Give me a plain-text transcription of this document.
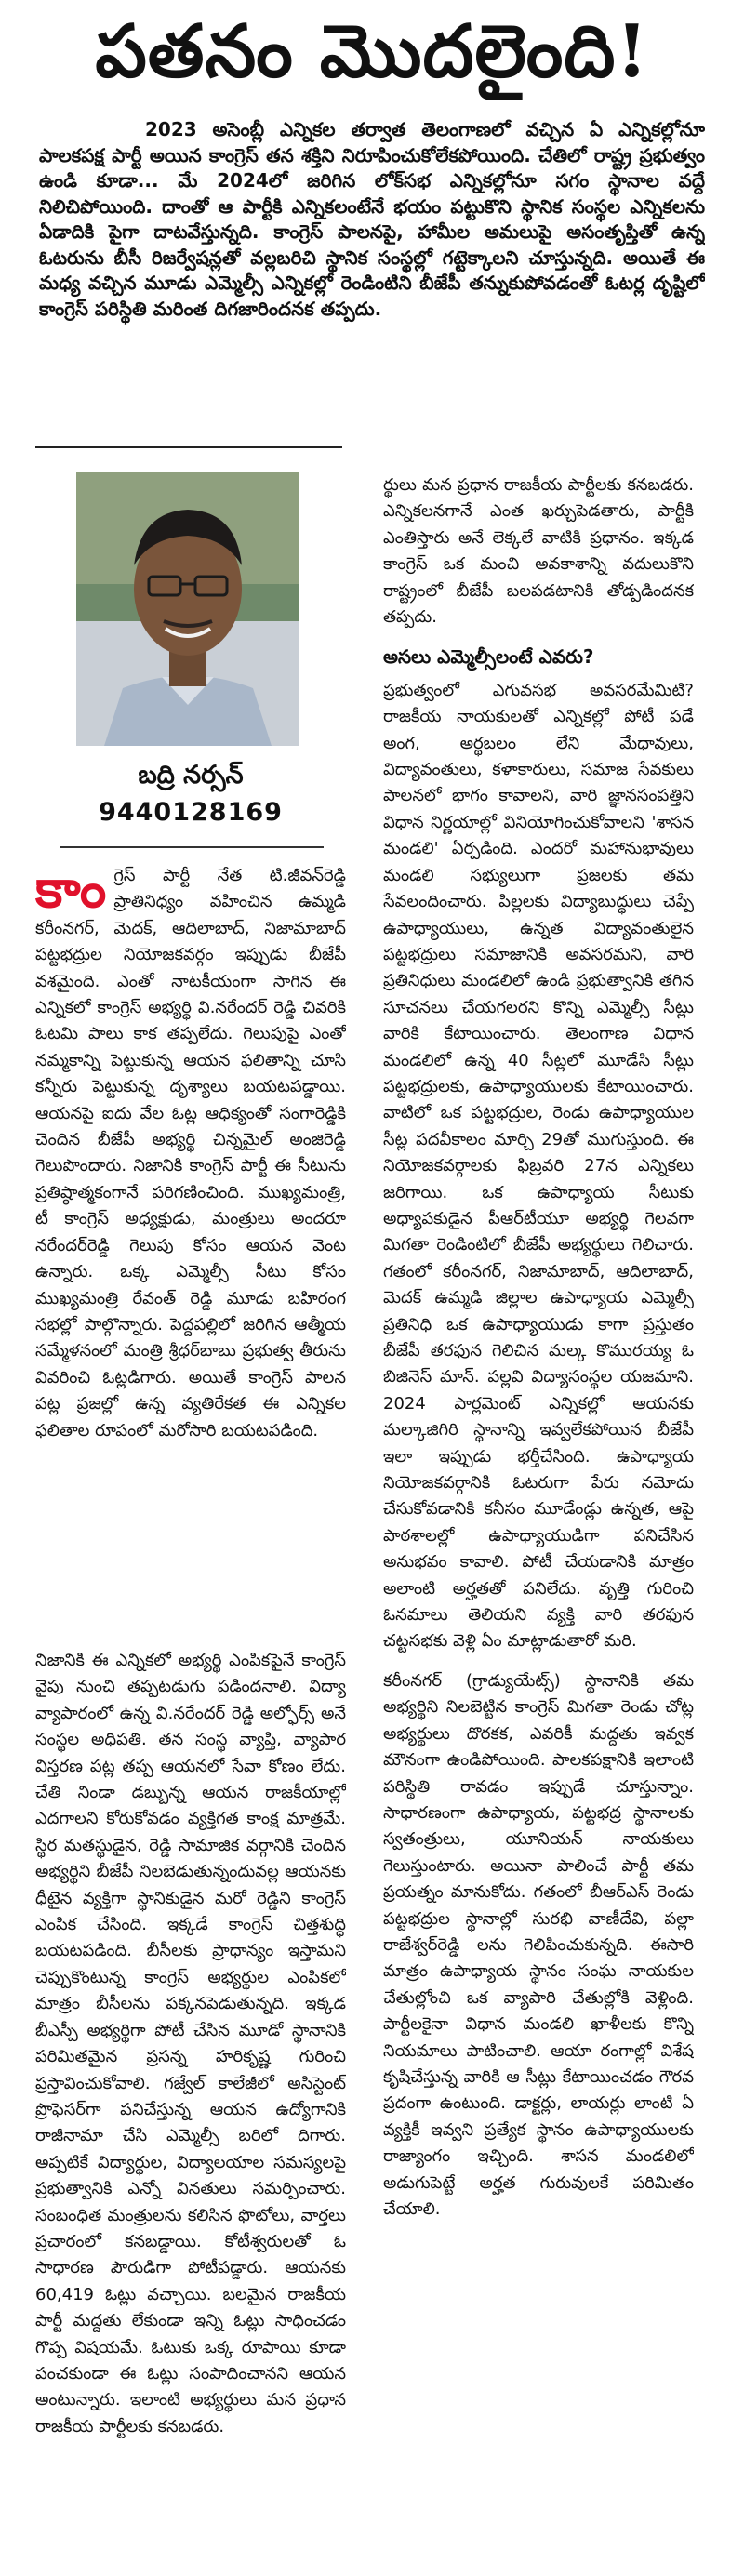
పతనం మొదలైంది!

2023 అసెంబ్లీ ఎన్నికల తర్వాత తెలంగాణలో వచ్చిన ఏ ఎన్నికల్లోనూ పాలకపక్ష పార్టీ అయిన కాంగ్రెస్ తన శక్తిని నిరూపించుకోలేకపోయింది. చేతిలో రాష్ట్ర ప్రభుత్వం ఉండి కూడా... మే 2024లో జరిగిన లోక్‌సభ ఎన్నికల్లోనూ సగం స్థానాల వద్దే నిలిచిపోయింది. దాంతో ఆ పార్టీకి ఎన్నికలంటేనే భయం పట్టుకొని స్థానిక సంస్థల ఎన్నికలను ఏడాదికి పైగా దాటవేస్తున్నది. కాంగ్రెస్ పాలనపై, హామీల అమలుపై అసంతృప్తితో ఉన్న ఓటరును బీసీ రిజర్వేషన్లతో వల్లబరిచి స్థానిక సంస్థల్లో గట్టెక్కాలని చూస్తున్నది. అయితే ఈ మధ్య వచ్చిన మూడు ఎమ్మెల్సీ ఎన్నికల్లో రెండింటిని బీజేపీ తన్నుకుపోవడంతో ఓటర్ల దృష్టిలో కాంగ్రెస్ పరిస్థితి మరింత దిగజారిందనక తప్పదు.

బద్రి నర్సన్
9440128169
కాం గ్రెస్ పార్టీ నేత టి.జీవన్‌రెడ్డి ప్రాతినిధ్యం వహించిన ఉమ్మడి కరీంనగర్, మెదక్, ఆదిలాబాద్, నిజామాబాద్ పట్టభద్రుల నియోజకవర్గం ఇప్పుడు బీజేపీ వశమైంది. ఎంతో నాటకీయంగా సాగిన ఈ ఎన్నికలో కాంగ్రెస్ అభ్యర్థి వి.నరేందర్ రెడ్డి చివరికి ఓటమి పాలు కాక తప్పలేదు. గెలుపుపై ఎంతో నమ్మకాన్ని పెట్టుకున్న ఆయన ఫలితాన్ని చూసి కన్నీరు పెట్టుకున్న దృశ్యాలు బయటపడ్డాయి. ఆయనపై ఐదు వేల ఓట్ల ఆధిక్యంతో సంగారెడ్డికి చెందిన బీజేపీ అభ్యర్థి చిన్నమైల్ అంజిరెడ్డి గెలుపొందారు. నిజానికి కాంగ్రెస్ పార్టీ ఈ సీటును ప్రతిష్ఠాత్మకంగానే పరిగణించింది. ముఖ్యమంత్రి, టీ కాంగ్రెస్ అధ్యక్షుడు, మంత్రులు అందరూ నరేందర్‌రెడ్డి గెలుపు కోసం ఆయన వెంట ఉన్నారు. ఒక్క ఎమ్మెల్సీ సీటు కోసం ముఖ్యమంత్రి రేవంత్ రెడ్డి మూడు బహిరంగ సభల్లో పాల్గొన్నారు. పెద్దపల్లిలో జరిగిన ఆత్మీయ సమ్మేళనంలో మంత్రి శ్రీధర్‌బాబు ప్రభుత్వ తీరును వివరించి ఓట్లడిగారు. అయితే కాంగ్రెస్ పాలన పట్ల ప్రజల్లో ఉన్న వ్యతిరేకత ఈ ఎన్నికల ఫలితాల రూపంలో మరోసారి బయటపడింది.

నిజానికి ఈ ఎన్నికలో అభ్యర్థి ఎంపికపైనే కాంగ్రెస్ వైపు నుంచి తప్పటడుగు పడిందనాలి. విద్యా వ్యాపారంలో ఉన్న వి.నరేందర్ రెడ్డి అల్ఫోర్స్ అనే సంస్థల అధిపతి. తన సంస్థ వ్యాప్తి, వ్యాపార విస్తరణ పట్ల తప్ప ఆయనలో సేవా కోణం లేదు. చేతి నిండా డబ్బున్న ఆయన రాజకీయాల్లో ఎదగాలని కోరుకోవడం వ్యక్తిగత కాంక్ష మాత్రమే. స్థిర మతస్థుడైన, రెడ్డి సామాజిక వర్గానికి చెందిన అభ్యర్థిని బీజేపీ నిలబెడుతున్నందువల్ల ఆయనకు ధీటైన వ్యక్తిగా స్థానికుడైన మరో రెడ్డిని కాంగ్రెస్ ఎంపిక చేసింది. ఇక్కడే కాంగ్రెస్ చిత్తశుద్ధి బయటపడింది. బీసీలకు ప్రాధాన్యం ఇస్తామని చెప్పుకొంటున్న కాంగ్రెస్ అభ్యర్థుల ఎంపికలో మాత్రం బీసీలను పక్కనపెడుతున్నది. ఇక్కడ బీఎస్పీ అభ్యర్థిగా పోటీ చేసిన మూడో స్థానానికి పరిమితమైన ప్రసన్న హరికృష్ణ గురించి ప్రస్తావించుకోవాలి. గజ్వేల్ కాలేజీలో అసిస్టెంట్ ప్రొఫెసర్‌గా పనిచేస్తున్న ఆయన ఉద్యోగానికి రాజీనామా చేసి ఎమ్మెల్సీ బరిలో దిగారు. అప్పటికే విద్యార్థుల, విద్యాలయాల సమస్యలపై ప్రభుత్వానికి ఎన్నో వినతులు సమర్పించారు. సంబంధిత మంత్రులను కలిసిన ఫొటోలు, వార్తలు ప్రచారంలో కనబడ్డాయి. కోటీశ్వరులతో ఓ సాధారణ పౌరుడిగా పోటీపడ్డారు. ఆయనకు 60,419 ఓట్లు వచ్చాయి. బలమైన రాజకీయ పార్టీ మద్దతు లేకుండా ఇన్ని ఓట్లు సాధించడం గొప్ప విషయమే. ఓటుకు ఒక్క రూపాయి కూడా పంచకుండా ఈ ఓట్లు సంపాదించానని ఆయన అంటున్నారు. ఇలాంటి అభ్యర్థులు మన ప్రధాన రాజకీయ పార్టీలకు కనబడరు.

ర్థులు మన ప్రధాన రాజకీయ పార్టీలకు కనబడరు. ఎన్నికలనగానే ఎంత ఖర్చుపెడతారు, పార్టీకి ఎంతిస్తారు అనే లెక్కలే వాటికి ప్రధానం. ఇక్కడ కాంగ్రెస్ ఒక మంచి అవకాశాన్ని వదులుకొని రాష్ట్రంలో బీజేపీ బలపడటానికి తోడ్పడిందనక తప్పదు.

అసలు ఎమ్మెల్సీలంటే ఎవరు?

ప్రభుత్వంలో ఎగువసభ అవసరమేమిటి? రాజకీయ నాయకులతో ఎన్నికల్లో పోటీ పడే అంగ, అర్థబలం లేని మేధావులు, విద్యావంతులు, కళాకారులు, సమాజ సేవకులు పాలనలో భాగం కావాలని, వారి జ్ఞానసంపత్తిని విధాన నిర్ణయాల్లో వినియోగించుకోవాలని 'శాసన మండలి' ఏర్పడింది. ఎందరో మహానుభావులు మండలి సభ్యులుగా ప్రజలకు తమ సేవలందించారు. పిల్లలకు విద్యాబుద్ధులు చెప్పే ఉపాధ్యాయులు, ఉన్నత విద్యావంతులైన పట్టభద్రులు సమాజానికి అవసరమని, వారి ప్రతినిధులు మండలిలో ఉండి ప్రభుత్వానికి తగిన సూచనలు చేయగలరని కొన్ని ఎమ్మెల్సీ సీట్లు వారికి కేటాయించారు. తెలంగాణ విధాన మండలిలో ఉన్న 40 సీట్లలో మూడేసి సీట్లు పట్టభద్రులకు, ఉపాధ్యాయులకు కేటాయించారు. వాటిలో ఒక పట్టభద్రుల, రెండు ఉపాధ్యాయుల సీట్ల పదవీకాలం మార్చి 29తో ముగుస్తుంది. ఈ నియోజకవర్గాలకు ఫిబ్రవరి 27న ఎన్నికలు జరిగాయి. ఒక ఉపాధ్యాయ సీటుకు అధ్యాపకుడైన పీఆర్‌టీయూ అభ్యర్థి గెలవగా మిగతా రెండింటిలో బీజేపీ అభ్యర్థులు గెలిచారు. గతంలో కరీంనగర్, నిజామాబాద్, ఆదిలాబాద్, మెదక్ ఉమ్మడి జిల్లాల ఉపాధ్యాయ ఎమ్మెల్సీ ప్రతినిధి ఒక ఉపాధ్యాయుడు కాగా ప్రస్తుతం బీజేపీ తరఫున గెలిచిన మల్క కొమురయ్య ఓ బిజినెస్ మాన్. పల్లవి విద్యాసంస్థల యజమాని. 2024 పార్లమెంట్ ఎన్నికల్లో ఆయనకు మల్కాజిగిరి స్థానాన్ని ఇవ్వలేకపోయిన బీజేపీ ఇలా ఇప్పుడు భర్తీచేసింది. ఉపాధ్యాయ నియోజకవర్గానికి ఓటరుగా పేరు నమోదు చేసుకోవడానికి కనీసం మూడేండ్లు ఉన్నత, ఆపై పాఠశాలల్లో ఉపాధ్యాయుడిగా పనిచేసిన అనుభవం కావాలి. పోటీ చేయడానికి మాత్రం అలాంటి అర్హతతో పనిలేదు. వృత్తి గురించి ఓనమాలు తెలియని వ్యక్తి వారి తరఫున చట్టసభకు వెళ్లి ఏం మాట్లాడుతారో మరి.

కరీంనగర్ (గ్రాడ్యుయేట్స్) స్థానానికి తమ అభ్యర్థిని నిలబెట్టిన కాంగ్రెస్ మిగతా రెండు చోట్ల అభ్యర్థులు దొరకక, ఎవరికీ మద్దతు ఇవ్వక మౌనంగా ఉండిపోయింది. పాలకపక్షానికి ఇలాంటి పరిస్థితి రావడం ఇప్పుడే చూస్తున్నాం. సాధారణంగా ఉపాధ్యాయ, పట్టభద్ర స్థానాలకు స్వతంత్రులు, యూనియన్ నాయకులు గెలుస్తుంటారు. అయినా పాలించే పార్టీ తమ ప్రయత్నం మానుకోదు. గతంలో బీఆర్ఎస్ రెండు పట్టభద్రుల స్థానాల్లో సురభి వాణీదేవి, పల్లా రాజేశ్వర్‌రెడ్డి లను గెలిపించుకున్నది. ఈసారి మాత్రం ఉపాధ్యాయ స్థానం సంఘ నాయకుల చేతుల్లోంచి ఒక వ్యాపారి చేతుల్లోకి వెళ్లింది. పార్టీలకైనా విధాన మండలి ఖాళీలకు కొన్ని నియమాలు పాటించాలి. ఆయా రంగాల్లో విశేష కృషిచేస్తున్న వారికి ఆ సీట్లు కేటాయించడం గౌరవ ప్రదంగా ఉంటుంది. డాక్టర్లు, లాయర్లు లాంటి ఏ వ్యక్తికీ ఇవ్వని ప్రత్యేక స్థానం ఉపాధ్యాయులకు రాజ్యాంగం ఇచ్చింది. శాసన మండలిలో అడుగుపెట్టే అర్హత గురువులకే పరిమితం చేయాలి.
